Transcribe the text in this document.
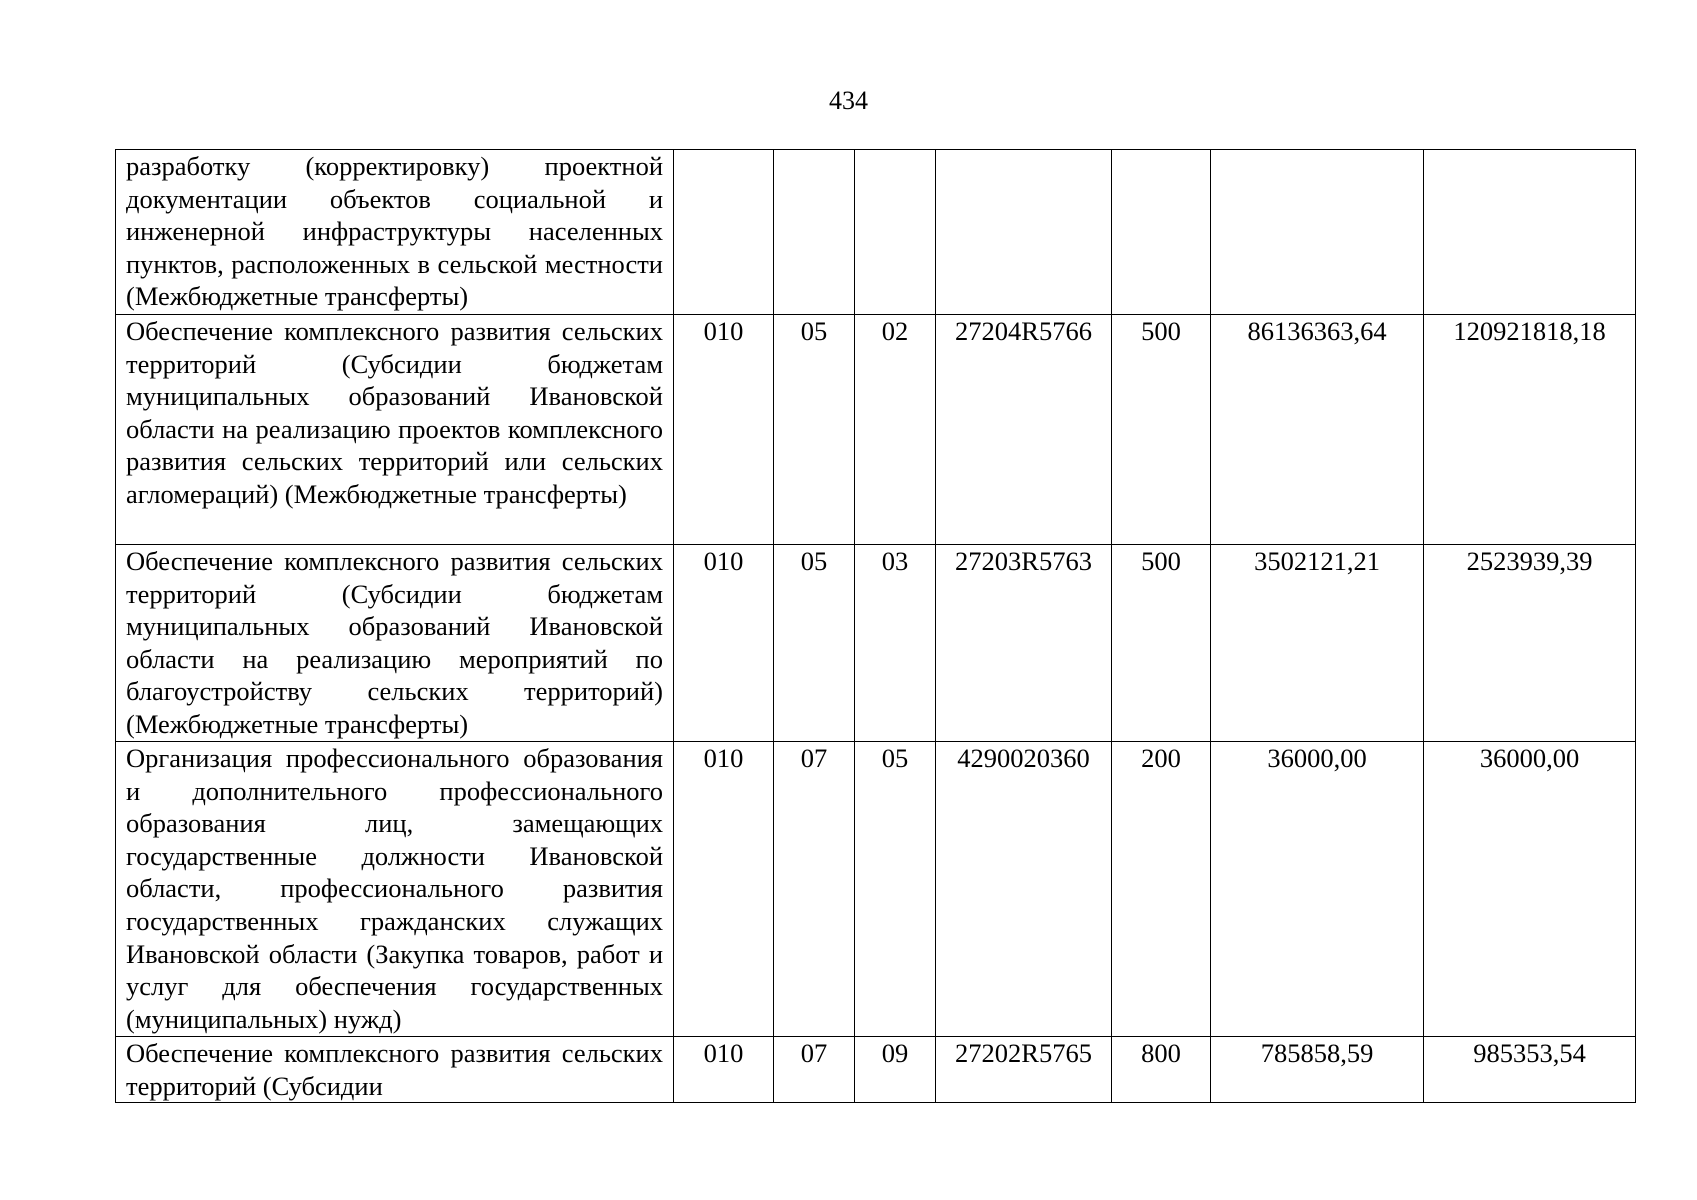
434
разработку (корректировку) проектной документации объектов социальной и инженерной инфраструктуры населенных пунктов, расположенных в сельской местности (Межбюджетные трансферты)							

Обеспечение комплексного развития сельских территорий (Субсидии бюджетам муниципальных образований Ивановской области на реализацию проектов комплексного развития сельских территорий или сельских агломераций) (Межбюджетные трансферты)	010	05	02	27204R5766	500	86136363,64	120921818,18

Обеспечение комплексного развития сельских территорий (Субсидии бюджетам муниципальных образований Ивановской области на реализацию мероприятий по благоустройству сельских территорий) (Межбюджетные трансферты)	010	05	03	27203R5763	500	3502121,21	2523939,39

Организация профессионального образования и дополнительного профессионального образования лиц, замещающих государственные должности Ивановской области, профессионального развития государственных гражданских служащих Ивановской области (Закупка товаров, работ и услуг для обеспечения государственных (муниципальных) нужд)	010	07	05	4290020360	200	36000,00	36000,00

Обеспечение комплексного развития сельских территорий (Субсидии	010	07	09	27202R5765	800	785858,59	985353,54
